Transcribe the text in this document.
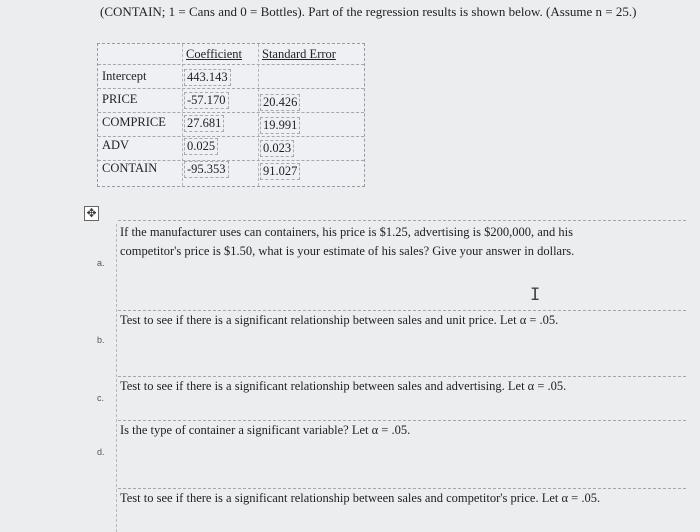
(CONTAIN; 1 = Cans and 0 = Bottles). Part of the regression results is shown below. (Assume n = 25.)
Coefficient Standard Error
Intercept	443.143
PRICE	-57.170	20.426
COMPRICE 27.681	19.991
ADV	0.025	0.023
CONTAIN -95.353	91.027
✥
a.
If the manufacturer uses can containers, his price is $1.25, advertising is $200,000, and his competitor's price is $1.50, what is your estimate of his sales? Give your answer in dollars.
I
b.
Test to see if there is a significant relationship between sales and unit price. Let α = .05.
c.
Test to see if there is a significant relationship between sales and advertising. Let α = .05.
d.
Is the type of container a significant variable? Let α = .05.
Test to see if there is a significant relationship between sales and competitor's price. Let α = .05.
